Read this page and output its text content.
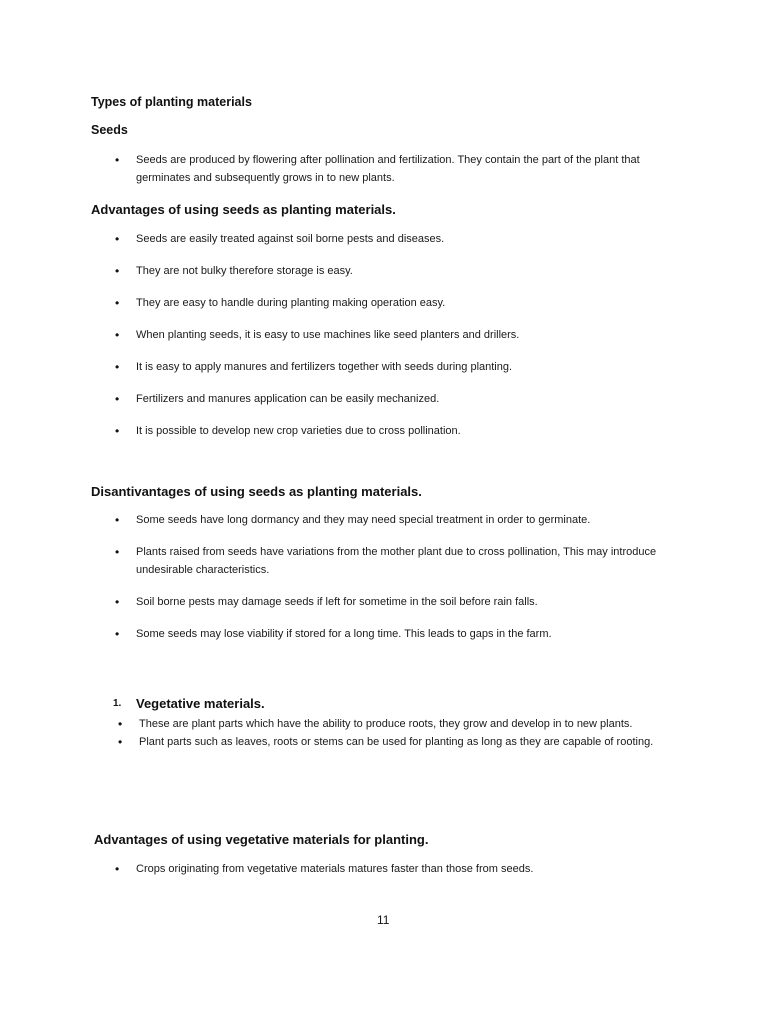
Types of planting materials
Seeds
• Seeds are produced by flowering after pollination and fertilization. They contain the part of the plant that germinates and subsequently grows in to new plants.
Advantages of using seeds as planting materials.
• Seeds are easily treated against soil borne pests and diseases.
• They are not bulky therefore storage is easy.
• They are easy to handle during planting making operation easy.
• When planting seeds, it is easy to use machines like seed planters and drillers.
• It is easy to apply manures and fertilizers together with seeds during planting.
• Fertilizers and manures application can be easily mechanized.
• It is possible to develop new crop varieties due to cross pollination.
Disantivantages of using seeds as planting materials.
• Some seeds have long dormancy and they may need special treatment in order to germinate.
• Plants raised from seeds have variations from the mother plant due to cross pollination, This may introduce undesirable characteristics.
• Soil borne pests may damage seeds if left for sometime in the soil before rain falls.
• Some seeds may lose viability if stored for a long time. This leads to gaps in the farm.
1. Vegetative materials.
• These are plant parts which have the ability to produce roots, they grow and develop in to new plants.
• Plant parts such as leaves, roots or stems can be used for planting as long as they are capable of rooting.
Advantages of using vegetative materials for planting.
• Crops originating from vegetative materials matures faster than those from seeds.
11
